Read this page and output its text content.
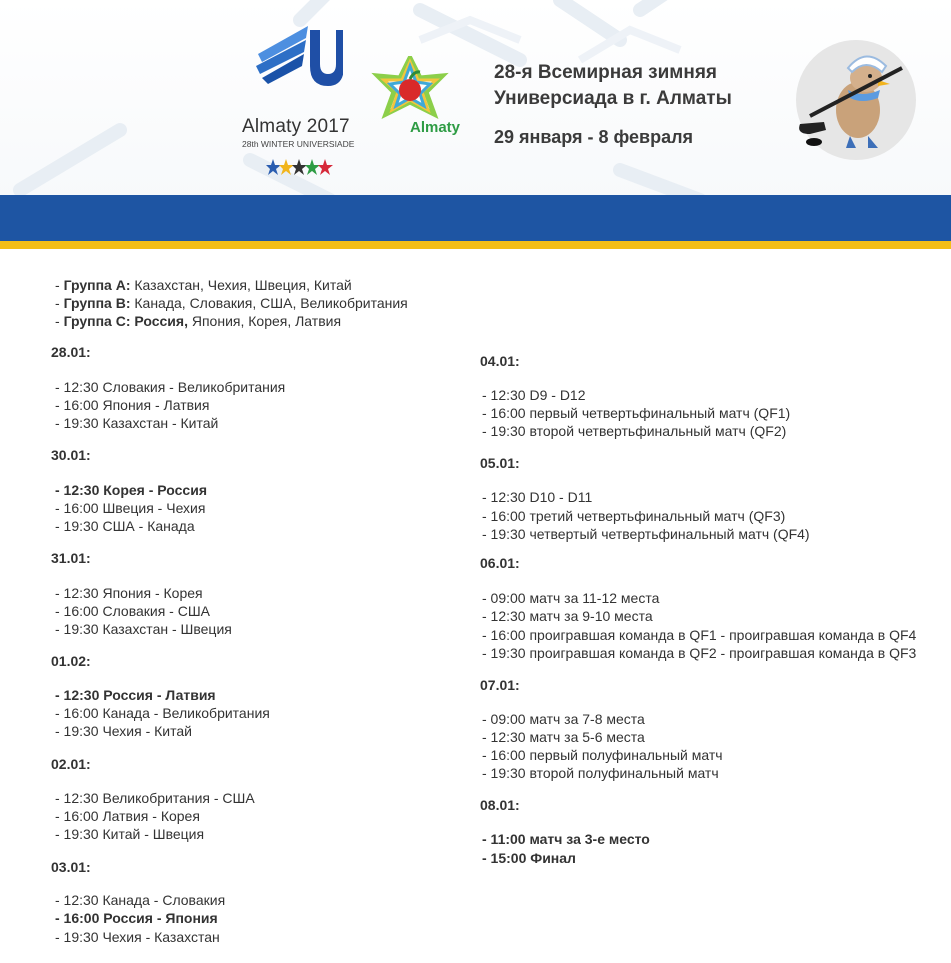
Almaty 2017
28th WINTER UNIVERSIADE
Almaty
28-я Всемирная зимняя
Универсиада в г. Алматы
29 января - 8 февраля
- Группа А: Казахстан, Чехия, Швеция, Китай
- Группа В: Канада, Словакия, США, Великобритания
- Группа С: Россия, Япония, Корея, Латвия
28.01:
- 12:30 Словакия - Великобритания
- 16:00 Япония - Латвия
- 19:30 Казахстан - Китай
30.01:
- 12:30 Корея - Россия
- 16:00 Швеция - Чехия
- 19:30 США - Канада
31.01:
- 12:30 Япония - Корея
- 16:00 Словакия - США
- 19:30 Казахстан - Швеция
01.02:
- 12:30 Россия - Латвия
- 16:00 Канада - Великобритания
- 19:30 Чехия - Китай
02.01:
- 12:30 Великобритания - США
- 16:00 Латвия - Корея
- 19:30 Китай - Швеция
03.01:
- 12:30 Канада - Словакия
- 16:00 Россия - Япония
- 19:30 Чехия - Казахстан
04.01:
- 12:30 D9 - D12
- 16:00 первый четвертьфинальный матч (QF1)
- 19:30 второй четвертьфинальный матч (QF2)
05.01:
- 12:30 D10 - D11
- 16:00 третий четвертьфинальный матч (QF3)
- 19:30 четвертый четвертьфинальный матч (QF4)
06.01:
- 09:00 матч за 11-12 места
- 12:30 матч за 9-10 места
- 16:00 проигравшая команда в QF1 - проигравшая команда в QF4
- 19:30 проигравшая команда в QF2 - проигравшая команда в QF3
07.01:
- 09:00 матч за 7-8 места
- 12:30 матч за 5-6 места
- 16:00 первый полуфинальный матч
- 19:30 второй полуфинальный матч
08.01:
- 11:00 матч за 3-е место
- 15:00 Финал
